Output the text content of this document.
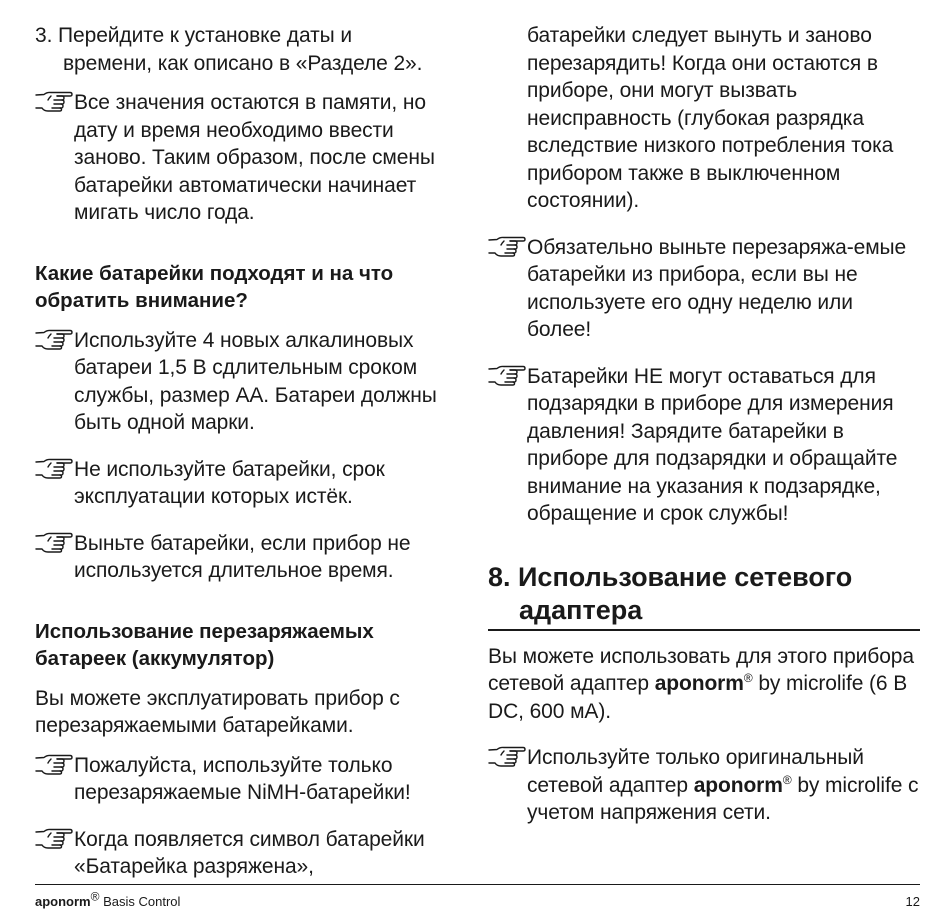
3. Перейдите к установке даты и
времени, как описано в «Разделе 2».

Все значения остаются в памяти, но дату и время необходимо ввести заново. Таким образом, после смены батарейки автоматически начинает мигать число года.
Какие батарейки подходят и на что обратить внимание?
Используйте 4 новых алкалиновых батареи 1,5 В сдлительным сроком службы, размер АА. Батареи должны быть одной марки.
Не используйте батарейки, срок эксплуатации которых истёк.
Выньте батарейки, если прибор не используется длительное время.
Использование перезаряжаемых батареек (аккумулятор)

Вы можете эксплуатировать прибор с перезаряжаемыми батарейками.

Пожалуйста, используйте только перезаряжаемые NiMH-батарейки!
Когда появляется символ батарейки «Батарейка разряжена»,

батарейки следует вынуть и заново перезарядить! Когда они остаются в приборе, они могут вызвать неисправность (глубокая разрядка вследствие низкого потребления тока прибором также в выключенном состоянии).

Обязательно выньте перезаряжа-емые батарейки из прибора, если вы не используете его одну неделю или более!
Батарейки НЕ могут оставаться для подзарядки в приборе для измерения давления! Зарядите батарейки в приборе для подзарядки и обращайте внимание на указания к подзарядке, обращение и срок службы!
8. Использование сетевого
адаптера

Вы можете использовать для этого прибора сетевой адаптер aponorm® by microlife (6 В DC, 600 мА).

Используйте только оригинальный сетевой адаптер aponorm® by microlife с учетом напряжения сети.
aponorm® Basis Control	12
